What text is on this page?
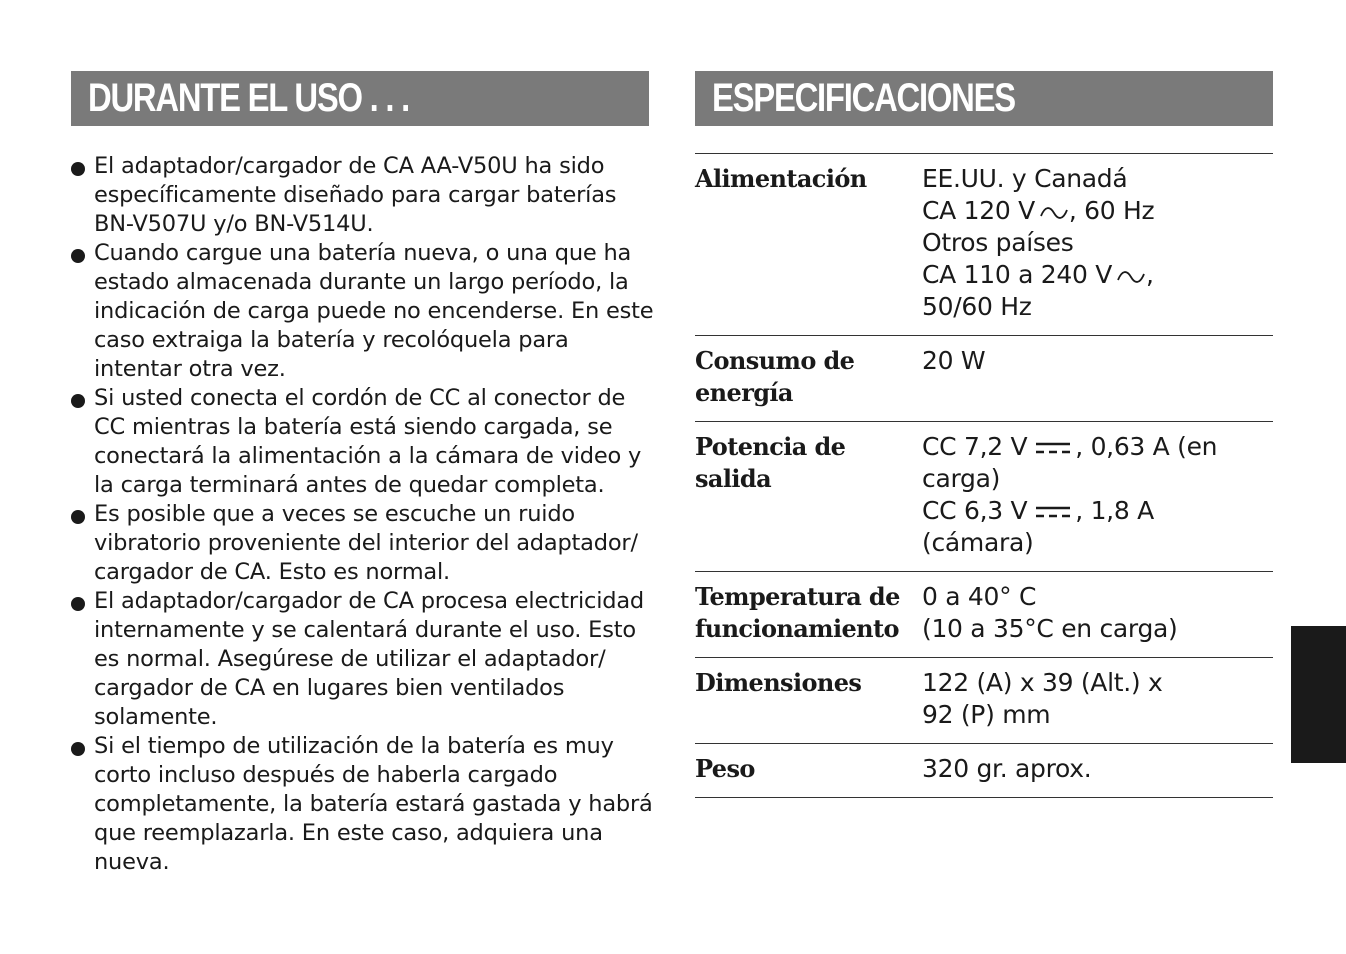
DURANTE EL USO . . .
El adaptador/cargador de CA AA-V50U ha sido
específicamente diseñado para cargar baterías
BN-V507U y/o BN-V514U.
Cuando cargue una batería nueva, o una que ha
estado almacenada durante un largo período, la
indicación de carga puede no encenderse. En este
caso extraiga la batería y recolóquela para
intentar otra vez.
Si usted conecta el cordón de CC al conector de
CC mientras la batería está siendo cargada, se
conectará la alimentación a la cámara de video y
la carga terminará antes de quedar completa.
Es posible que a veces se escuche un ruido
vibratorio proveniente del interior del adaptador/
cargador de CA. Esto es normal.
El adaptador/cargador de CA procesa electricidad
internamente y se calentará durante el uso. Esto
es normal. Asegúrese de utilizar el adaptador/
cargador de CA en lugares bien ventilados
solamente.
Si el tiempo de utilización de la batería es muy
corto incluso después de haberla cargado
completamente, la batería estará gastada y habrá
que reemplazarla. En este caso, adquiera una
nueva.
ESPECIFICACIONES
Alimentación	EE.UU. y Canadá
CA 120 V , 60 Hz
Otros países
CA 110 a 240 V ,
50/60 Hz

Consumo de
energía	20 W

Potencia de
salida	CC 7,2 V , 0,63 A (en
carga)
CC 6,3 V , 1,8 A
(cámara)

Temperatura de
funcionamiento	0 a 40° C
(10 a 35°C en carga)

Dimensiones	122 (A) x 39 (Alt.) x
92 (P) mm

Peso	320 gr. aprox.
